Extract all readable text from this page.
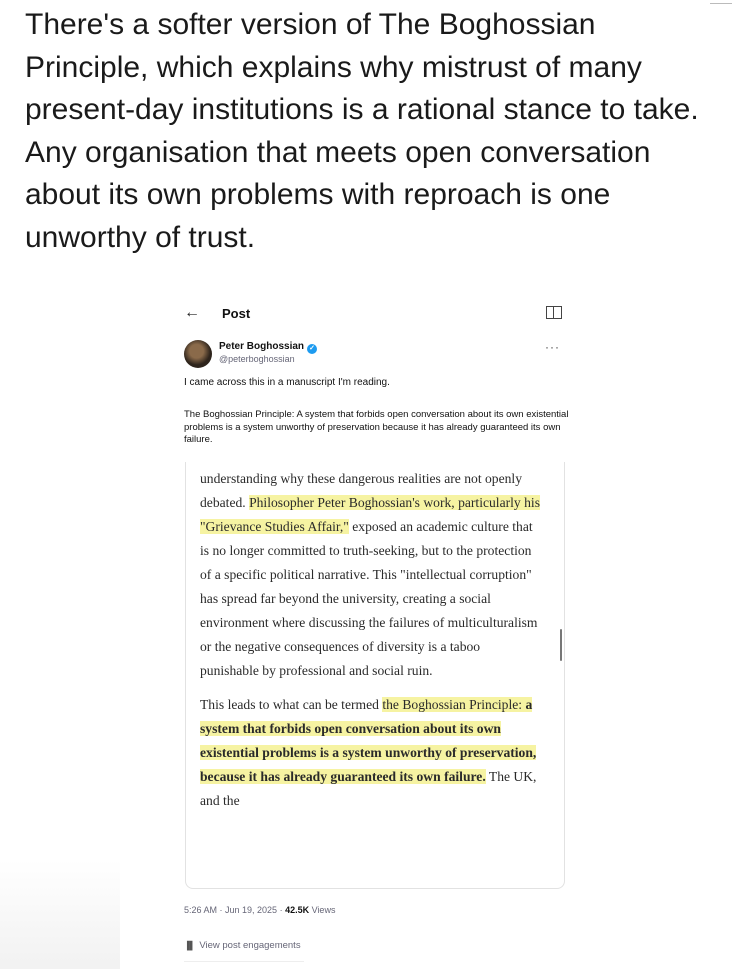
There's a softer version of The Boghossian Principle, which explains why mistrust of many present-day institutions is a rational stance to take. Any organisation that meets open conversation about its own problems with reproach is one unworthy of trust.

← Post
Peter Boghossian ✓
@peterboghossian
···
I came across this in a manuscript I'm reading.
The Boghossian Principle: A system that forbids open conversation about its own existential problems is a system unworthy of preservation because it has already guaranteed its own failure.

understanding why these dangerous realities are not openly debated. Philosopher Peter Boghossian's work, particularly his "Grievance Studies Affair," exposed an academic culture that is no longer committed to truth-seeking, but to the protection of a specific political narrative. This "intellectual corruption" has spread far beyond the university, creating a social environment where discussing the failures of multiculturalism or the negative consequences of diversity is a taboo punishable by professional and social ruin.

This leads to what can be termed the Boghossian Principle: a system that forbids open conversation about its own existential problems is a system unworthy of preservation, because it has already guaranteed its own failure. The UK, and the

5:26 AM · Jun 19, 2025 · 42.5K Views
▐▌ View post engagements
